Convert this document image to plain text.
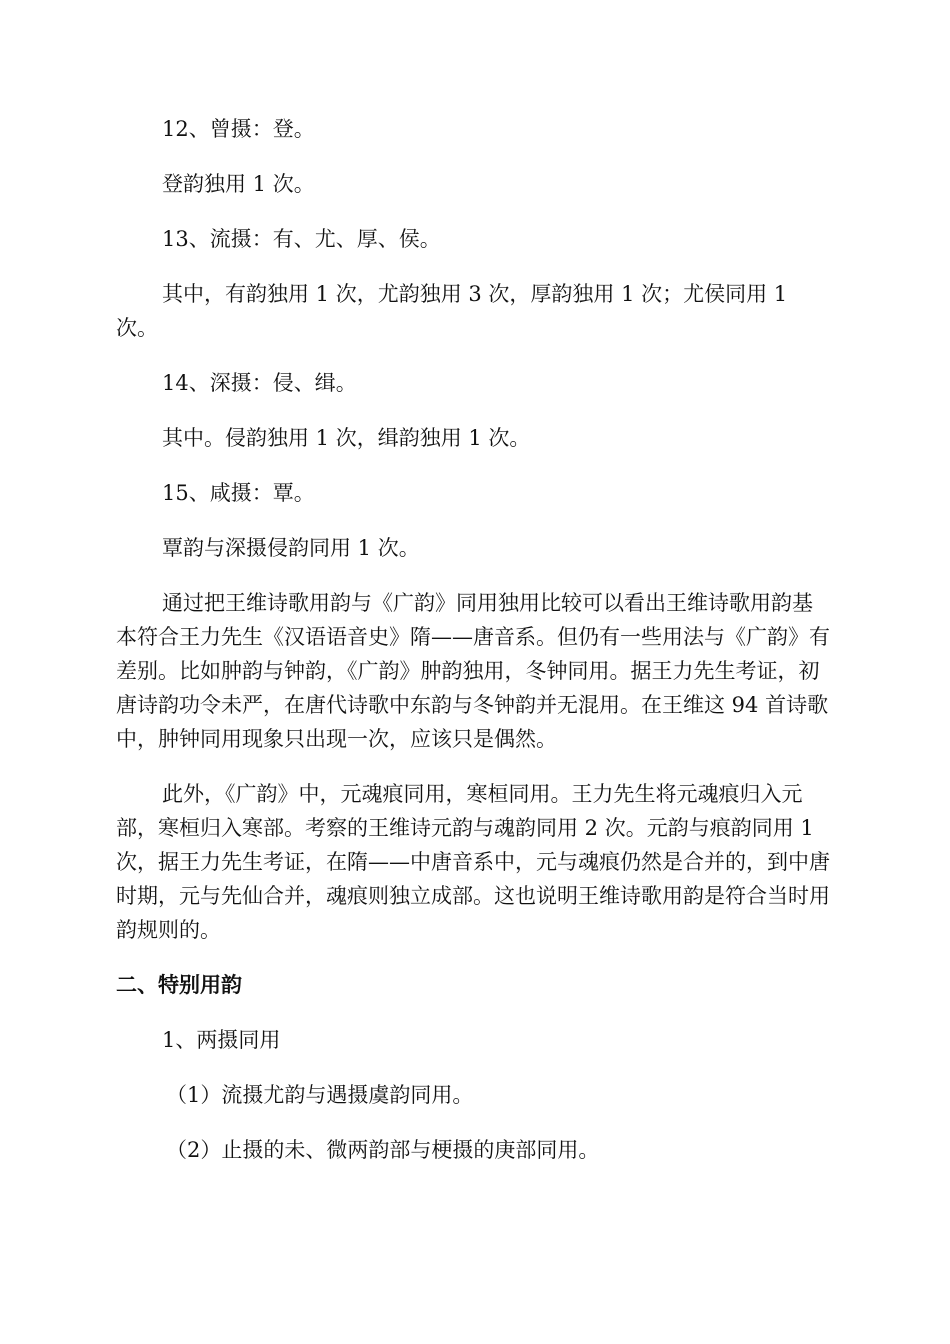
12、曾摄：登。

登韵独用 1 次。

13、流摄：有、尤、厚、侯。

其中，有韵独用 1 次，尤韵独用 3 次，厚韵独用 1 次；尤侯同用 1 次。

14、深摄：侵、缉。

其中。侵韵独用 1 次，缉韵独用 1 次。

15、咸摄：覃。

覃韵与深摄侵韵同用 1 次。

通过把王维诗歌用韵与《广韵》同用独用比较可以看出王维诗歌用韵基本符合王力先生《汉语语音史》隋——唐音系。但仍有一些用法与《广韵》有差别。比如肿韵与钟韵，《广韵》肿韵独用，冬钟同用。据王力先生考证，初唐诗韵功令未严，在唐代诗歌中东韵与冬钟韵并无混用。在王维这 94 首诗歌中，肿钟同用现象只出现一次，应该只是偶然。

此外，《广韵》中，元魂痕同用，寒桓同用。王力先生将元魂痕归入元部，寒桓归入寒部。考察的王维诗元韵与魂韵同用 2 次。元韵与痕韵同用 1 次，据王力先生考证，在隋——中唐音系中，元与魂痕仍然是合并的，到中唐时期，元与先仙合并，魂痕则独立成部。这也说明王维诗歌用韵是符合当时用韵规则的。

二、特别用韵

1、两摄同用

（1）流摄尤韵与遇摄虞韵同用。

（2）止摄的未、微两韵部与梗摄的庚部同用。
